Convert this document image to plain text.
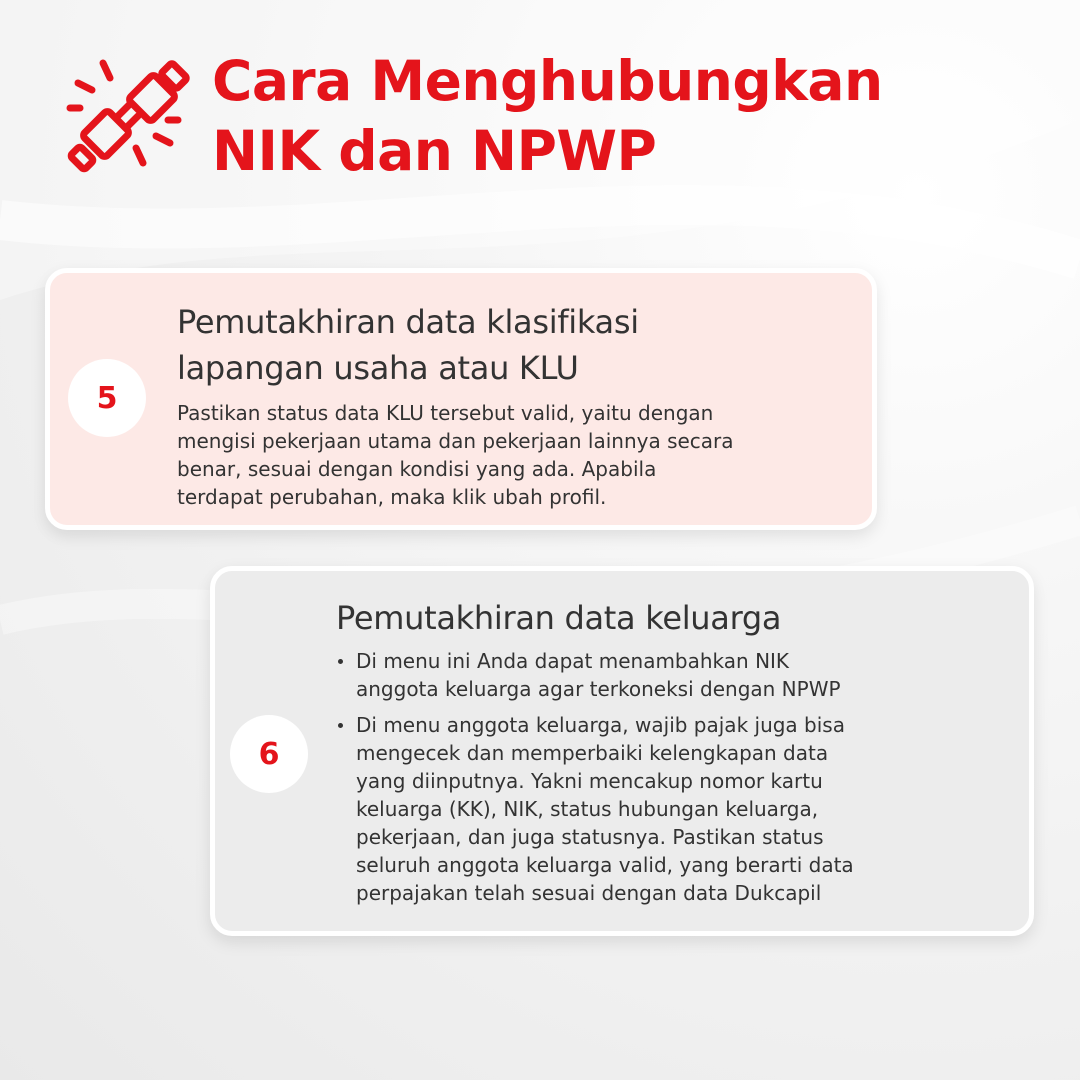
Cara Menghubungkan
NIK dan NPWP
5
Pemutakhiran data klasifikasi
lapangan usaha atau KLU

Pastikan status data KLU tersebut valid, yaitu dengan
mengisi pekerjaan utama dan pekerjaan lainnya secara
benar, sesuai dengan kondisi yang ada. Apabila
terdapat perubahan, maka klik ubah profil.

6
Pemutakhiran data keluarga
Di menu ini Anda dapat menambahkan NIK
anggota keluarga agar terkoneksi dengan NPWP
Di menu anggota keluarga, wajib pajak juga bisa
mengecek dan memperbaiki kelengkapan data
yang diinputnya. Yakni mencakup nomor kartu
keluarga (KK), NIK, status hubungan keluarga,
pekerjaan, dan juga statusnya. Pastikan status
seluruh anggota keluarga valid, yang berarti data
perpajakan telah sesuai dengan data Dukcapil
